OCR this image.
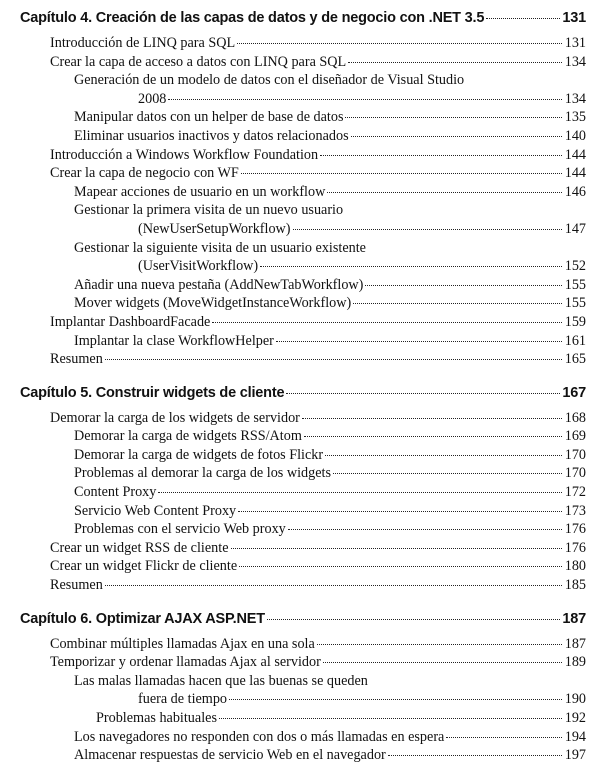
Capítulo 4. Creación de las capas de datos y de negocio con .NET 3.5	131
Introducción de LINQ para SQL	131
Crear la capa de acceso a datos con LINQ para SQL	134
Generación de un modelo de datos con el diseñador de Visual Studio
2008	134
Manipular datos con un helper de base de datos	135
Eliminar usuarios inactivos y datos relacionados	140
Introducción a Windows Workflow Foundation	144
Crear la capa de negocio con WF	144
Mapear acciones de usuario en un workflow	146
Gestionar la primera visita de un nuevo usuario
(NewUserSetupWorkflow)	147
Gestionar la siguiente visita de un usuario existente
(UserVisitWorkflow)	152
Añadir una nueva pestaña (AddNewTabWorkflow)	155
Mover widgets (MoveWidgetInstanceWorkflow)	155
Implantar DashboardFacade	159
Implantar la clase WorkflowHelper	161
Resumen	165
Capítulo 5. Construir widgets de cliente	167
Demorar la carga de los widgets de servidor	168
Demorar la carga de widgets RSS/Atom	169
Demorar la carga de widgets de fotos Flickr	170
Problemas al demorar la carga de los widgets	170
Content Proxy	172
Servicio Web Content Proxy	173
Problemas con el servicio Web proxy	176
Crear un widget RSS de cliente	176
Crear un widget Flickr de cliente	180
Resumen	185
Capítulo 6. Optimizar AJAX ASP.NET	187
Combinar múltiples llamadas Ajax en una sola	187
Temporizar y ordenar llamadas Ajax al servidor	189
Las malas llamadas hacen que las buenas se queden
fuera de tiempo	190
Problemas habituales	192
Los navegadores no responden con dos o más llamadas en espera	194
Almacenar respuestas de servicio Web en el navegador	197
